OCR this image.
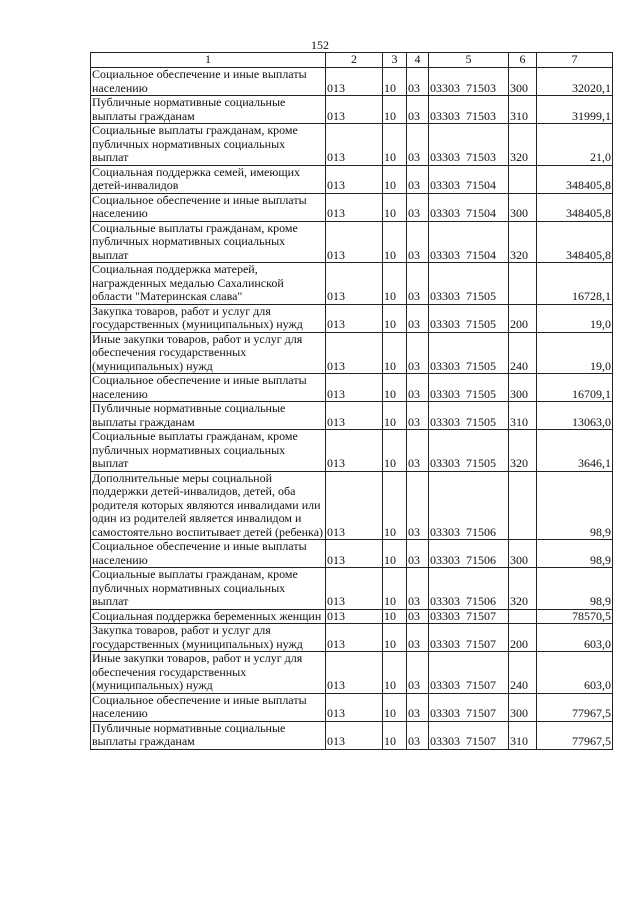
152
1	2	3	4	5	6	7
Социальное обеспечение и иные выплаты населению	013	10	03	03303  71503	300	32020,1
Публичные нормативные социальные выплаты гражданам	013	10	03	03303  71503	310	31999,1
Социальные выплаты гражданам, кроме публичных нормативных социальных выплат	013	10	03	03303  71503	320	21,0
Социальная поддержка семей, имеющих детей-инвалидов	013	10	03	03303  71504		348405,8
Социальное обеспечение и иные выплаты населению	013	10	03	03303  71504	300	348405,8
Социальные выплаты гражданам, кроме публичных нормативных социальных выплат	013	10	03	03303  71504	320	348405,8
Социальная поддержка матерей, награжденных медалью Сахалинской области "Материнская слава"	013	10	03	03303  71505		16728,1
Закупка товаров, работ и услуг для государственных (муниципальных) нужд	013	10	03	03303  71505	200	19,0
Иные закупки товаров, работ и услуг для обеспечения государственных (муниципальных) нужд	013	10	03	03303  71505	240	19,0
Социальное обеспечение и иные выплаты населению	013	10	03	03303  71505	300	16709,1
Публичные нормативные социальные выплаты гражданам	013	10	03	03303  71505	310	13063,0
Социальные выплаты гражданам, кроме публичных нормативных социальных выплат	013	10	03	03303  71505	320	3646,1
Дополнительные меры социальной поддержки детей-инвалидов, детей, оба родителя которых являются инвалидами или один из родителей является инвалидом и самостоятельно воспитывает детей (ребенка)	013	10	03	03303  71506		98,9
Социальное обеспечение и иные выплаты населению	013	10	03	03303  71506	300	98,9
Социальные выплаты гражданам, кроме публичных нормативных социальных выплат	013	10	03	03303  71506	320	98,9
Социальная поддержка беременных женщин	013	10	03	03303  71507		78570,5
Закупка товаров, работ и услуг для государственных (муниципальных) нужд	013	10	03	03303  71507	200	603,0
Иные закупки товаров, работ и услуг для обеспечения государственных (муниципальных) нужд	013	10	03	03303  71507	240	603,0
Социальное обеспечение и иные выплаты населению	013	10	03	03303  71507	300	77967,5
Публичные нормативные социальные выплаты гражданам	013	10	03	03303  71507	310	77967,5
